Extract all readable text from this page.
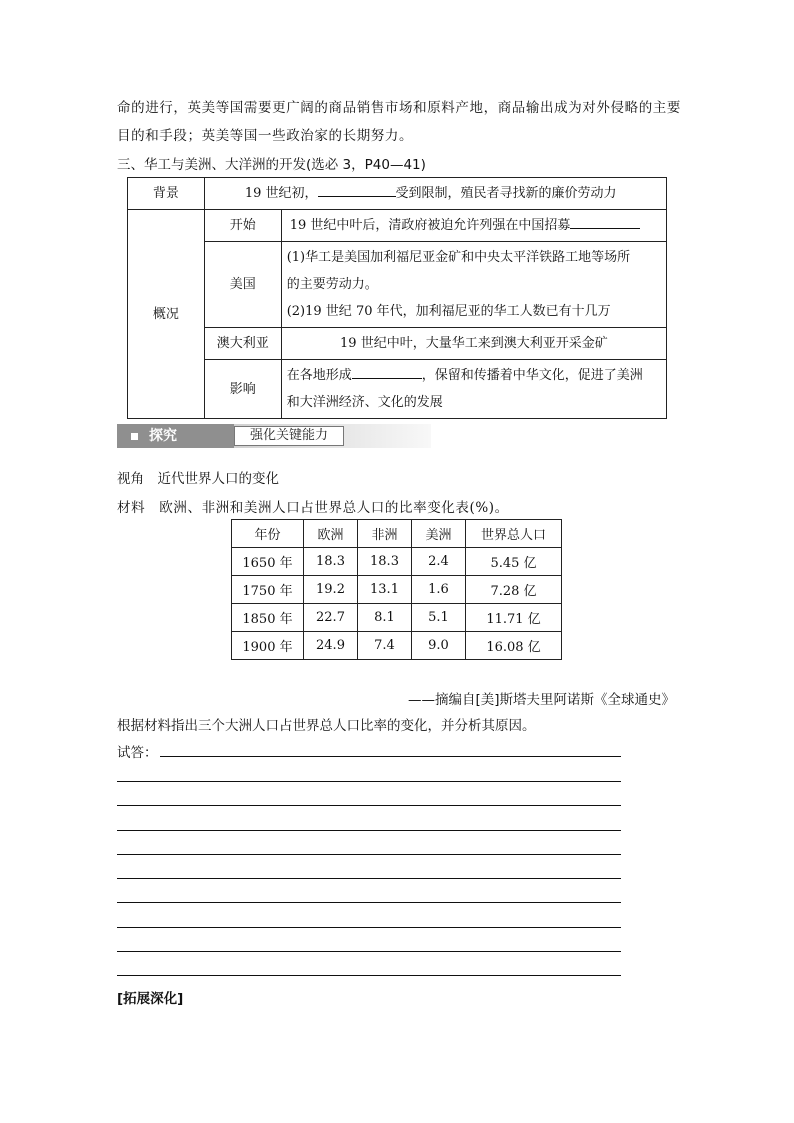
命的进行，英美等国需要更广阔的商品销售市场和原料产地，商品输出成为对外侵略的主要
目的和手段；英美等国一些政治家的长期努力。
三、华工与美洲、大洋洲的开发(选必 3，P40—41)
背景	19 世纪初， 受到限制，殖民者寻找新的廉价劳动力	
概况	开始	19 世纪中叶后，清政府被迫允许列强在中国招募
	美国	(1)华工是美国加利福尼亚金矿和中央太平洋铁路工地等场所
的主要劳动力。
(2)19 世纪 70 年代，加利福尼亚的华工人数已有十几万

	澳大利亚	19 世纪中叶，大量华工来到澳大利亚开采金矿
	影响	在各地形成 ，保留和传播着中华文化，促进了美洲
和大洋洲经济、文化的发展
探究	强化关键能力
视角　近代世界人口的变化
材料　欧洲、非洲和美洲人口占世界总人口的比率变化表(%)。
年份	欧洲	非洲	美洲	世界总人口
1650 年	18.3	18.3	2.4	5.45 亿
1750 年	19.2	13.1	1.6	7.28 亿
1850 年	22.7	8.1	5.1	11.71 亿
1900 年	24.9	7.4	9.0	16.08 亿
——摘编自[美]斯塔夫里阿诺斯《全球通史》
根据材料指出三个大洲人口占世界总人口比率的变化，并分析其原因。
试答：
[拓展深化]
